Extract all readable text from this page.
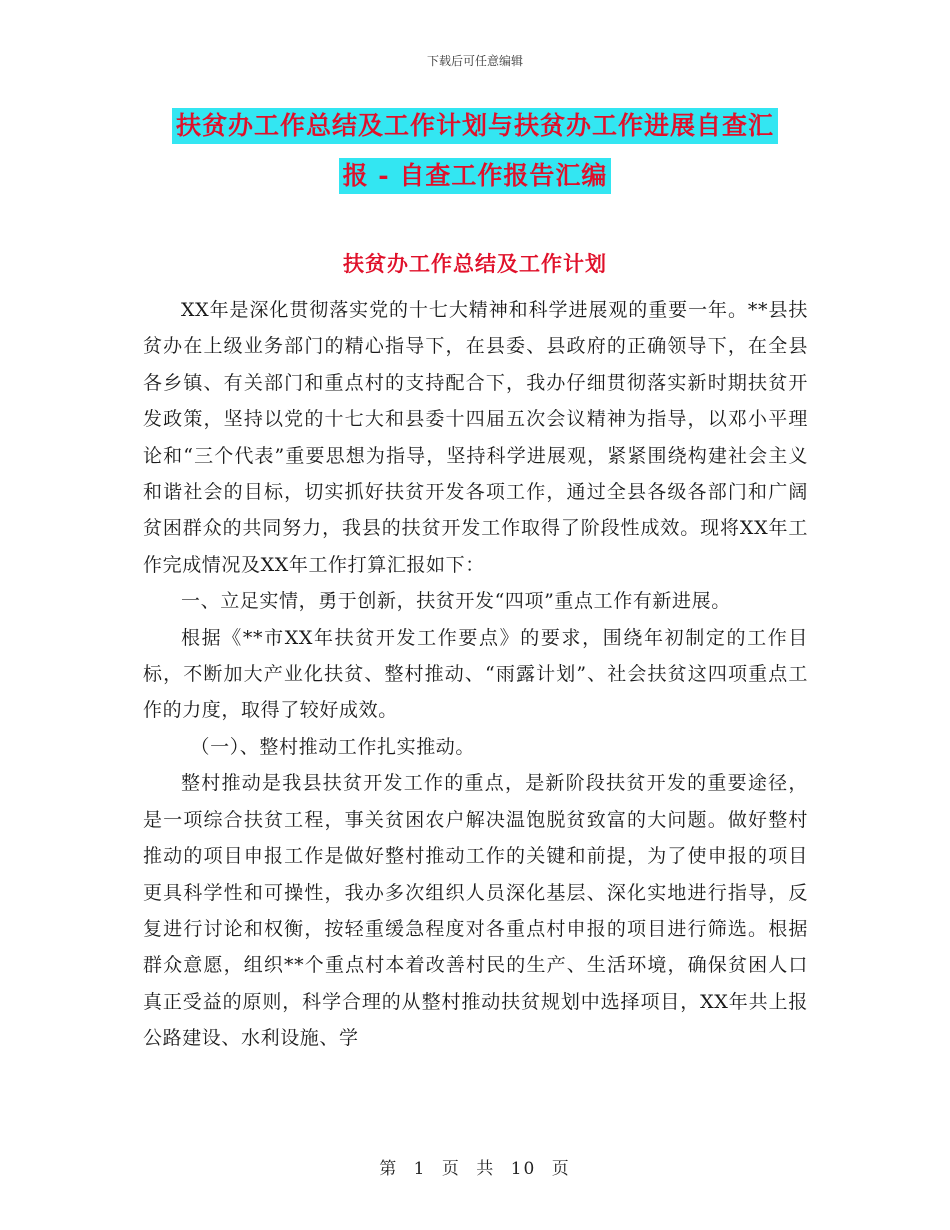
下载后可任意编辑
扶贫办工作总结及工作计划与扶贫办工作进展自查汇
报 - 自查工作报告汇编
扶贫办工作总结及工作计划

XX年是深化贯彻落实党的十七大精神和科学进展观的重要一年。**县扶贫办在上级业务部门的精心指导下，在县委、县政府的正确领导下，在全县各乡镇、有关部门和重点村的支持配合下，我办仔细贯彻落实新时期扶贫开发政策，坚持以党的十七大和县委十四届五次会议精神为指导，以邓小平理论和“三个代表”重要思想为指导，坚持科学进展观，紧紧围绕构建社会主义和谐社会的目标，切实抓好扶贫开发各项工作，通过全县各级各部门和广阔贫困群众的共同努力，我县的扶贫开发工作取得了阶段性成效。现将XX年工作完成情况及XX年工作打算汇报如下：

一、立足实情，勇于创新，扶贫开发“四项”重点工作有新进展。

根据《**市XX年扶贫开发工作要点》的要求，围绕年初制定的工作目标，不断加大产业化扶贫、整村推动、“雨露计划”、社会扶贫这四项重点工作的力度，取得了较好成效。

（一）、整村推动工作扎实推动。

整村推动是我县扶贫开发工作的重点，是新阶段扶贫开发的重要途径，是一项综合扶贫工程，事关贫困农户解决温饱脱贫致富的大问题。做好整村推动的项目申报工作是做好整村推动工作的关键和前提，为了使申报的项目更具科学性和可操性，我办多次组织人员深化基层、深化实地进行指导，反复进行讨论和权衡，按轻重缓急程度对各重点村申报的项目进行筛选。根据群众意愿，组织**个重点村本着改善村民的生产、生活环境，确保贫困人口真正受益的原则，科学合理的从整村推动扶贫规划中选择项目，XX年共上报公路建设、水利设施、学

第 1 页 共 10 页
